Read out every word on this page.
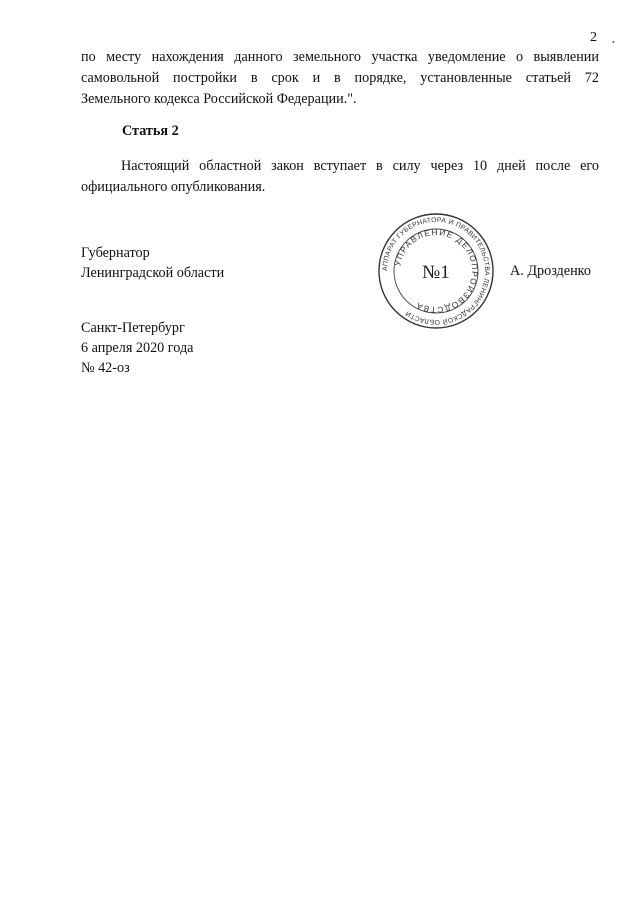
2 •
по месту нахождения данного земельного участка уведомление о выявлении
самовольной постройки в срок и в порядке, установленные статьей 72
Земельного кодекса Российской Федерации.".
Статья 2
Настоящий областной закон вступает в силу через 10 дней после его
официального опубликования.
Губернатор
Ленинградской области	АППАРАТ ГУБЕРНАТОРА И ПРАВИТЕЛЬСТВА ЛЕНИНГРАДСКОЙ ОБЛАСТИ
УПРАВЛЕНИЕ ДЕЛОПРОИЗВОДСТВА
№1	А. Дрозденко
Санкт-Петербург
6 апреля 2020 года
№ 42-оз
